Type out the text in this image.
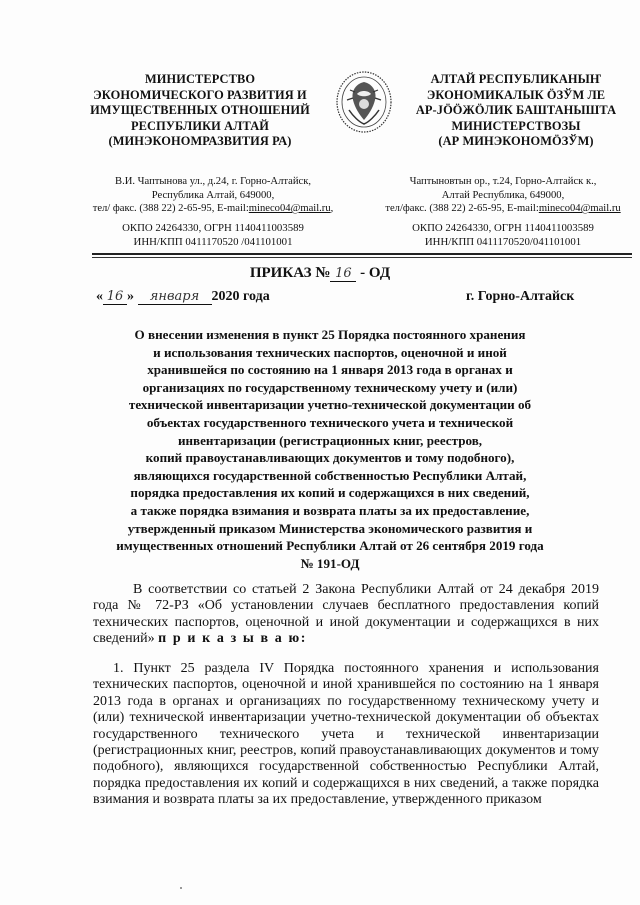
МИНИСТЕРСТВО
ЭКОНОМИЧЕСКОГО РАЗВИТИЯ И
ИМУЩЕСТВЕННЫХ ОТНОШЕНИЙ
РЕСПУБЛИКИ АЛТАЙ
(МИНЭКОНОМРАЗВИТИЯ РА)
АЛТАЙ РЕСПУБЛИКАНЫҤ
ЭКОНОМИКАЛЫК ÖЗЎМ ЛЕ
АР-JÖÖЖÖЛИК БАШТАНЫШТА
МИНИСТЕРСТВОЗЫ
(АР МИНЭКОНОМÖЗЎМ)
В.И. Чаптынова ул., д.24, г. Горно-Алтайск,
Республика Алтай, 649000,
тел/ факс. (388 22) 2-65-95, E-mail:mineco04@mail.ru,
Чаптыновтын ор., т.24, Горно-Алтайск к.,
Алтай Республика, 649000,
тел/факс. (388 22) 2-65-95, E-mail:mineco04@mail.ru
ОКПО 24264330, ОГРН 1140411003589
ИНН/КПП 0411170520 /041101001
ОКПО 24264330, ОГРН 1140411003589
ИНН/КПП 0411170520/041101001
ПРИКАЗ № 16 - ОД
« 16 » января 2020 года	г. Горно-Алтайск
О внесении изменения в пункт 25 Порядка постоянного хранения
и использования технических паспортов, оценочной и иной
хранившейся по состоянию на 1 января 2013 года в органах и
организациях по государственному техническому учету и (или)
технической инвентаризации учетно-технической документации об
объектах государственного технического учета и технической
инвентаризации (регистрационных книг, реестров,
копий правоустанавливающих документов и тому подобного),
являющихся государственной собственностью Республики Алтай,
порядка предоставления их копий и содержащихся в них сведений,
а также порядка взимания и возврата платы за их предоставление,
утвержденный приказом Министерства экономического развития и
имущественных отношений Республики Алтай от 26 сентября 2019 года
№ 191-ОД
В соответствии со статьей 2 Закона Республики Алтай от 24 декабря 2019 года № 72-РЗ «Об установлении случаев бесплатного предоставления копий технических паспортов, оценочной и иной документации и содержащихся в них сведений» п р и к а з ы в а ю:
1. Пункт 25 раздела IV Порядка постоянного хранения и использования технических паспортов, оценочной и иной хранившейся по состоянию на 1 января 2013 года в органах и организациях по государственному техническому учету и (или) технической инвентаризации учетно-технической документации об объектах государственного технического учета и технической инвентаризации (регистрационных книг, реестров, копий правоустанавливающих документов и тому подобного), являющихся государственной собственностью Республики Алтай, порядка предоставления их копий и содержащихся в них сведений, а также порядка взимания и возврата платы за их предоставление, утвержденного приказом
